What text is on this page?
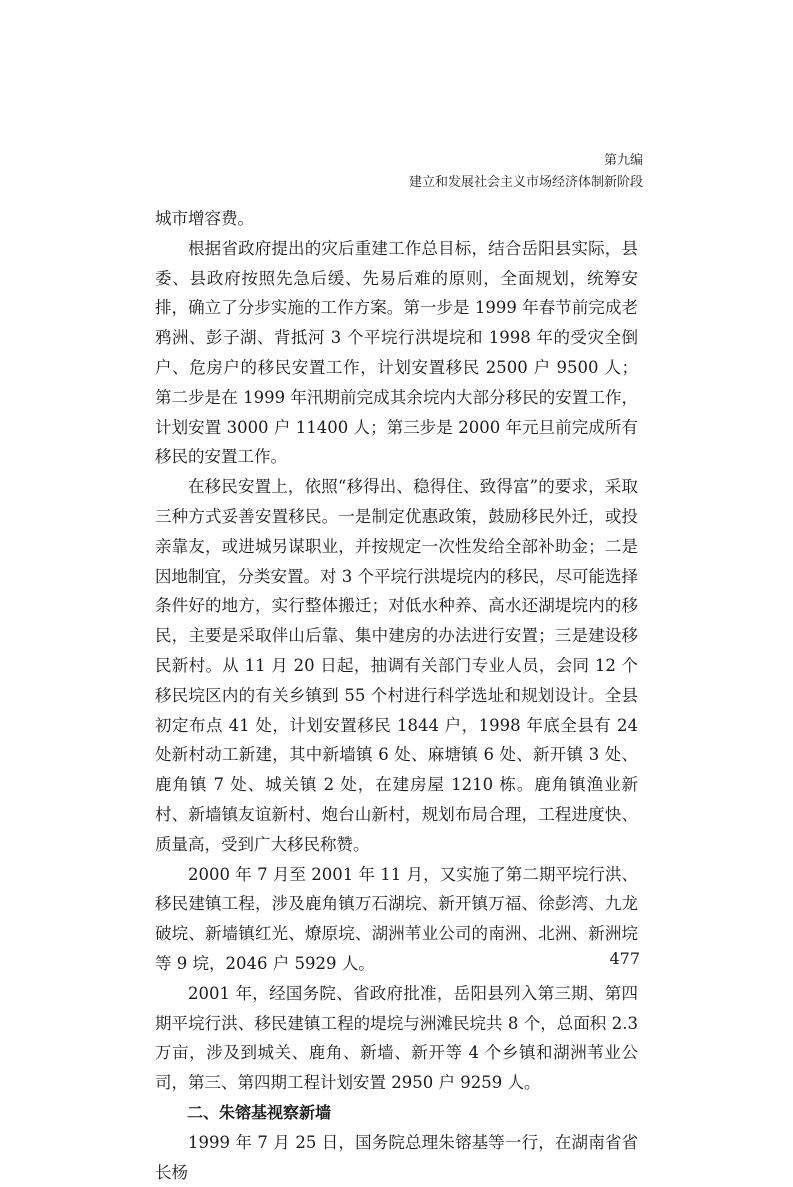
第九编
建立和发展社会主义市场经济体制新阶段

城市增容费。

根据省政府提出的灾后重建工作总目标，结合岳阳县实际，县委、县政府按照先急后缓、先易后难的原则，全面规划，统筹安排，确立了分步实施的工作方案。第一步是 1999 年春节前完成老鸦洲、彭子湖、背抵河 3 个平垸行洪堤垸和 1998 年的受灾全倒户、危房户的移民安置工作，计划安置移民 2500 户 9500 人；第二步是在 1999 年汛期前完成其余垸内大部分移民的安置工作，计划安置 3000 户 11400 人；第三步是 2000 年元旦前完成所有移民的安置工作。

在移民安置上，依照“移得出、稳得住、致得富”的要求，采取三种方式妥善安置移民。一是制定优惠政策，鼓励移民外迁，或投亲靠友，或进城另谋职业，并按规定一次性发给全部补助金；二是因地制宜，分类安置。对 3 个平垸行洪堤垸内的移民，尽可能选择条件好的地方，实行整体搬迁；对低水种养、高水还湖堤垸内的移民，主要是采取伴山后靠、集中建房的办法进行安置；三是建设移民新村。从 11 月 20 日起，抽调有关部门专业人员，会同 12 个移民垸区内的有关乡镇到 55 个村进行科学选址和规划设计。全县初定布点 41 处，计划安置移民 1844 户，1998 年底全县有 24 处新村动工新建，其中新墙镇 6 处、麻塘镇 6 处、新开镇 3 处、鹿角镇 7 处、城关镇 2 处，在建房屋 1210 栋。鹿角镇渔业新村、新墙镇友谊新村、炮台山新村，规划布局合理，工程进度快、质量高，受到广大移民称赞。

2000 年 7 月至 2001 年 11 月，又实施了第二期平垸行洪、移民建镇工程，涉及鹿角镇万石湖垸、新开镇万福、徐彭湾、九龙破垸、新墙镇红光、燎原垸、湖洲苇业公司的南洲、北洲、新洲垸等 9 垸，2046 户 5929 人。

2001 年，经国务院、省政府批准，岳阳县列入第三期、第四期平垸行洪、移民建镇工程的堤垸与洲滩民垸共 8 个，总面积 2.3 万亩，涉及到城关、鹿角、新墙、新开等 4 个乡镇和湖洲苇业公司，第三、第四期工程计划安置 2950 户 9259 人。

二、朱镕基视察新墙

1999 年 7 月 25 日，国务院总理朱镕基等一行，在湖南省省长杨

477
